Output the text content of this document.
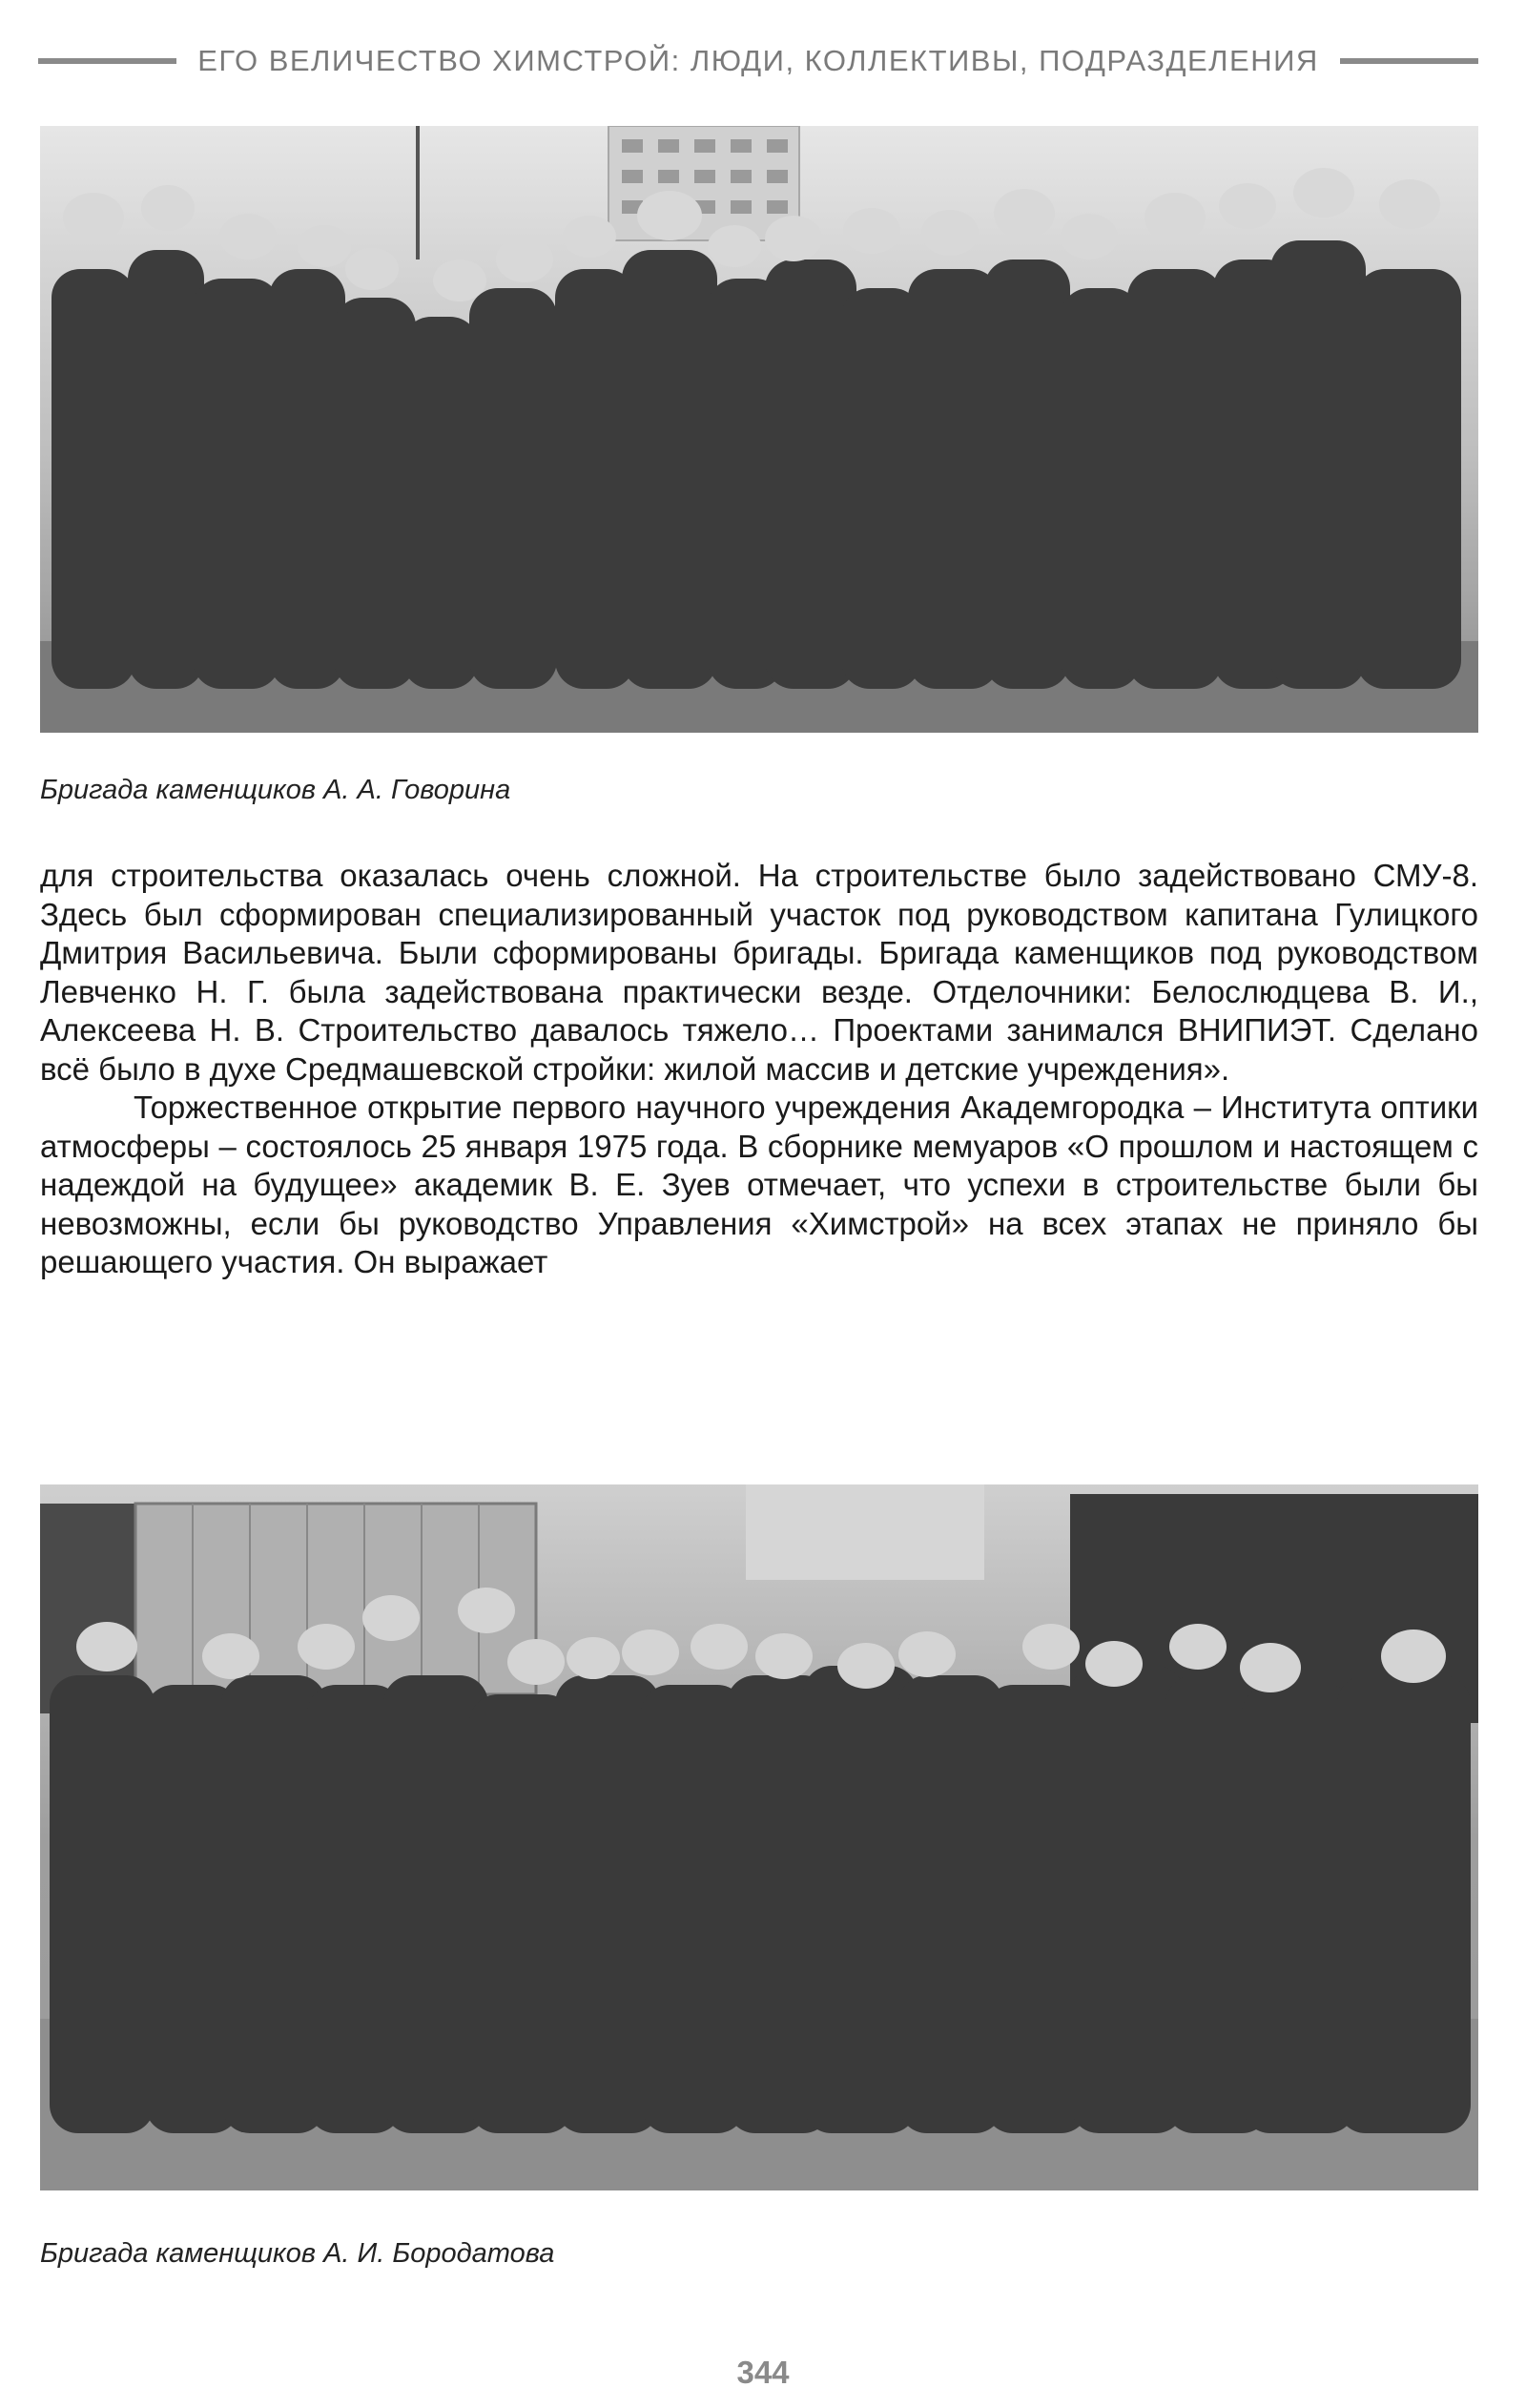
ЕГО ВЕЛИЧЕСТВО ХИМСТРОЙ: ЛЮДИ, КОЛЛЕКТИВЫ, ПОДРАЗДЕЛЕНИЯ
Бригада каменщиков А. А. Говорина

для строительства оказалась очень сложной. На строительстве было задействовано СМУ-8. Здесь был сформирован специализированный участок под руководством капитана Гулицкого Дмитрия Васильевича. Были сформированы бригады. Бригада каменщиков под руководством Левченко Н. Г. была задействована практически везде. Отделочники: Белослюдцева В. И., Алексеева Н. В. Строительство давалось тяжело… Проектами занимался ВНИПИЭТ. Сделано всё было в духе Средмашевской стройки: жилой массив и детские учреждения».

Торжественное открытие первого научного учреждения Академгородка – Института оптики атмосферы – состоялось 25 января 1975 года. В сборнике мемуаров «О прошлом и настоящем с надеждой на будущее» академик В. Е. Зуев отмечает, что успехи в строительстве были бы невозможны, если бы руководство Управления «Химстрой» на всех этапах не приняло бы решающего участия. Он выражает

Бригада каменщиков А. И. Бородатова
344
